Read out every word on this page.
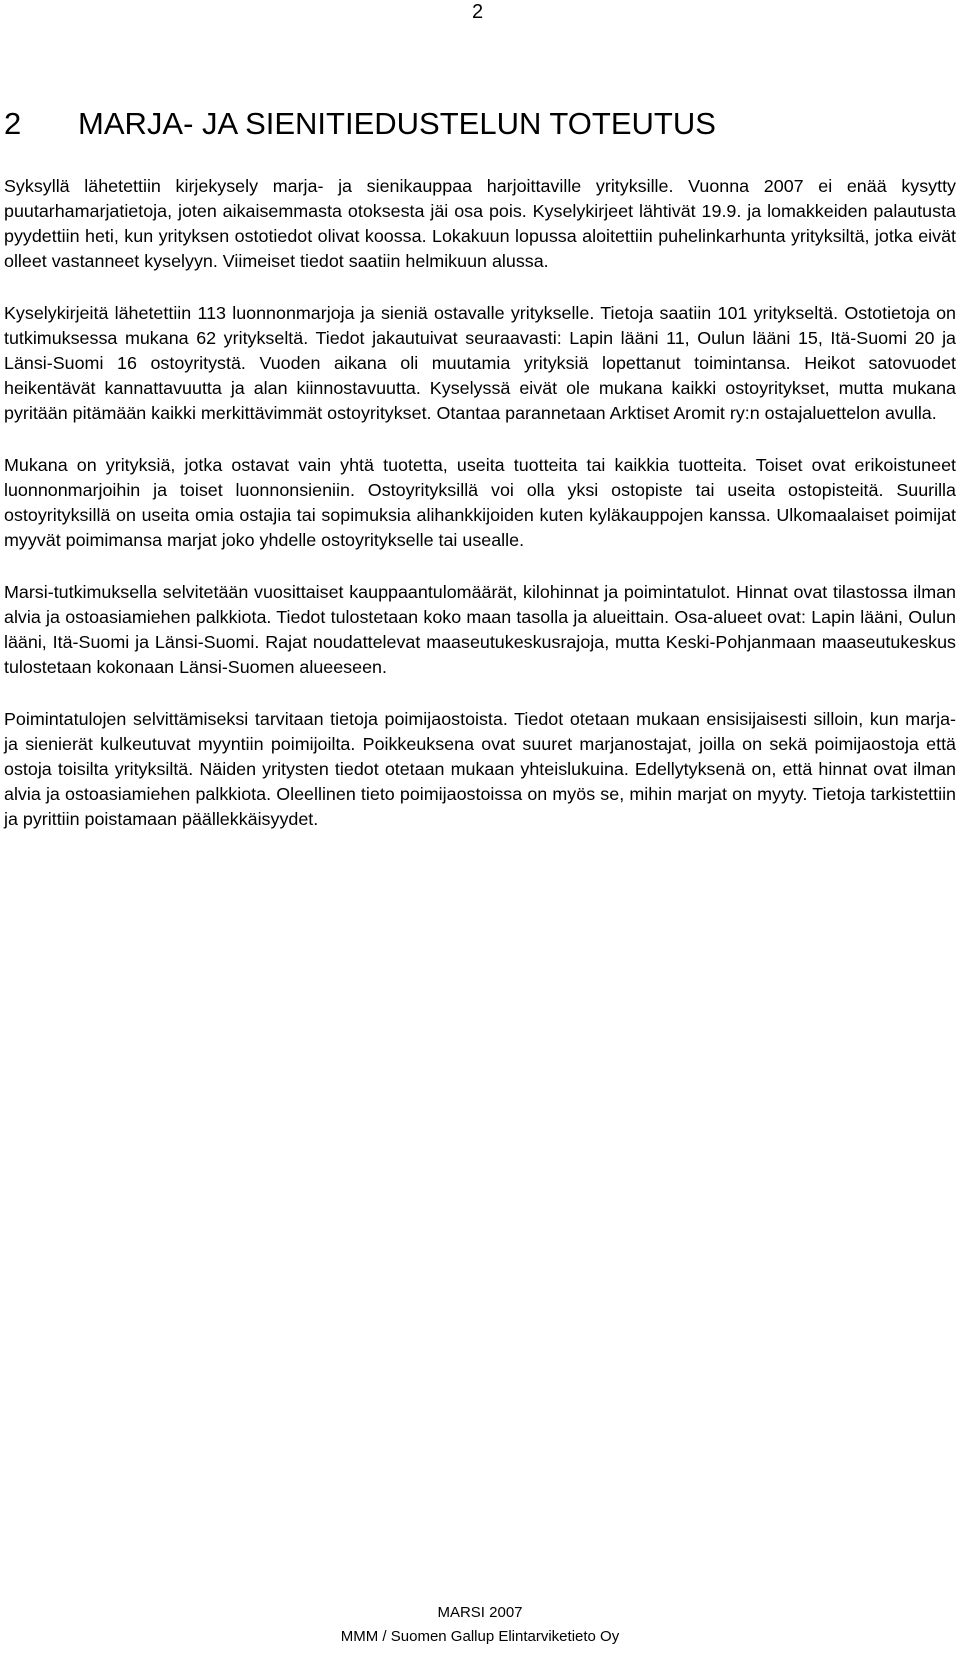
2
2 MARJA- JA SIENITIEDUSTELUN TOTEUTUS

Syksyllä lähetettiin kirjekysely marja- ja sienikauppaa harjoittaville yrityksille. Vuonna 2007 ei enää kysytty puutarhamarjatietoja, joten aikaisemmasta otoksesta jäi osa pois. Kyselykirjeet lähtivät 19.9. ja lomakkeiden palautusta pyydettiin heti, kun yrityksen ostotiedot olivat koossa. Lokakuun lopussa aloitettiin puhelinkarhunta yrityksiltä, jotka eivät olleet vastanneet kyselyyn. Viimeiset tiedot saatiin helmikuun alussa.

Kyselykirjeitä lähetettiin 113 luonnonmarjoja ja sieniä ostavalle yritykselle. Tietoja saatiin 101 yritykseltä. Ostotietoja on tutkimuksessa mukana 62 yritykseltä. Tiedot jakautuivat seuraavasti: Lapin lääni 11, Oulun lääni 15, Itä-Suomi 20 ja Länsi-Suomi 16 ostoyritystä. Vuoden aikana oli muutamia yrityksiä lopettanut toimintansa. Heikot satovuodet heikentävät kannattavuutta ja alan kiinnostavuutta. Kyselyssä eivät ole mukana kaikki ostoyritykset, mutta mukana pyritään pitämään kaikki merkittävimmät ostoyritykset. Otantaa parannetaan Arktiset Aromit ry:n ostajaluettelon avulla.

Mukana on yrityksiä, jotka ostavat vain yhtä tuotetta, useita tuotteita tai kaikkia tuotteita. Toiset ovat erikoistuneet luonnonmarjoihin ja toiset luonnonsieniin. Ostoyrityksillä voi olla yksi ostopiste tai useita ostopisteitä. Suurilla ostoyrityksillä on useita omia ostajia tai sopimuksia alihankkijoiden kuten kyläkauppojen kanssa. Ulkomaalaiset poimijat myyvät poimimansa marjat joko yhdelle ostoyritykselle tai usealle.

Marsi-tutkimuksella selvitetään vuosittaiset kauppaantulomäärät, kilohinnat ja poimintatulot. Hinnat ovat tilastossa ilman alvia ja ostoasiamiehen palkkiota. Tiedot tulostetaan koko maan tasolla ja alueittain. Osa-alueet ovat: Lapin lääni, Oulun lääni, Itä-Suomi ja Länsi-Suomi. Rajat noudattelevat maaseutukeskusrajoja, mutta Keski-Pohjanmaan maaseutukeskus tulostetaan kokonaan Länsi-Suomen alueeseen.

Poimintatulojen selvittämiseksi tarvitaan tietoja poimijaostoista. Tiedot otetaan mukaan ensisijaisesti silloin, kun marja- ja sienierät kulkeutuvat myyntiin poimijoilta. Poikkeuksena ovat suuret marjanostajat, joilla on sekä poimijaostoja että ostoja toisilta yrityksiltä. Näiden yritysten tiedot otetaan mukaan yhteislukuina. Edellytyksenä on, että hinnat ovat ilman alvia ja ostoasiamiehen palkkiota. Oleellinen tieto poimijaostoissa on myös se, mihin marjat on myyty. Tietoja tarkistettiin ja pyrittiin poistamaan päällekkäisyydet.

MARSI 2007
MMM / Suomen Gallup Elintarviketieto Oy
